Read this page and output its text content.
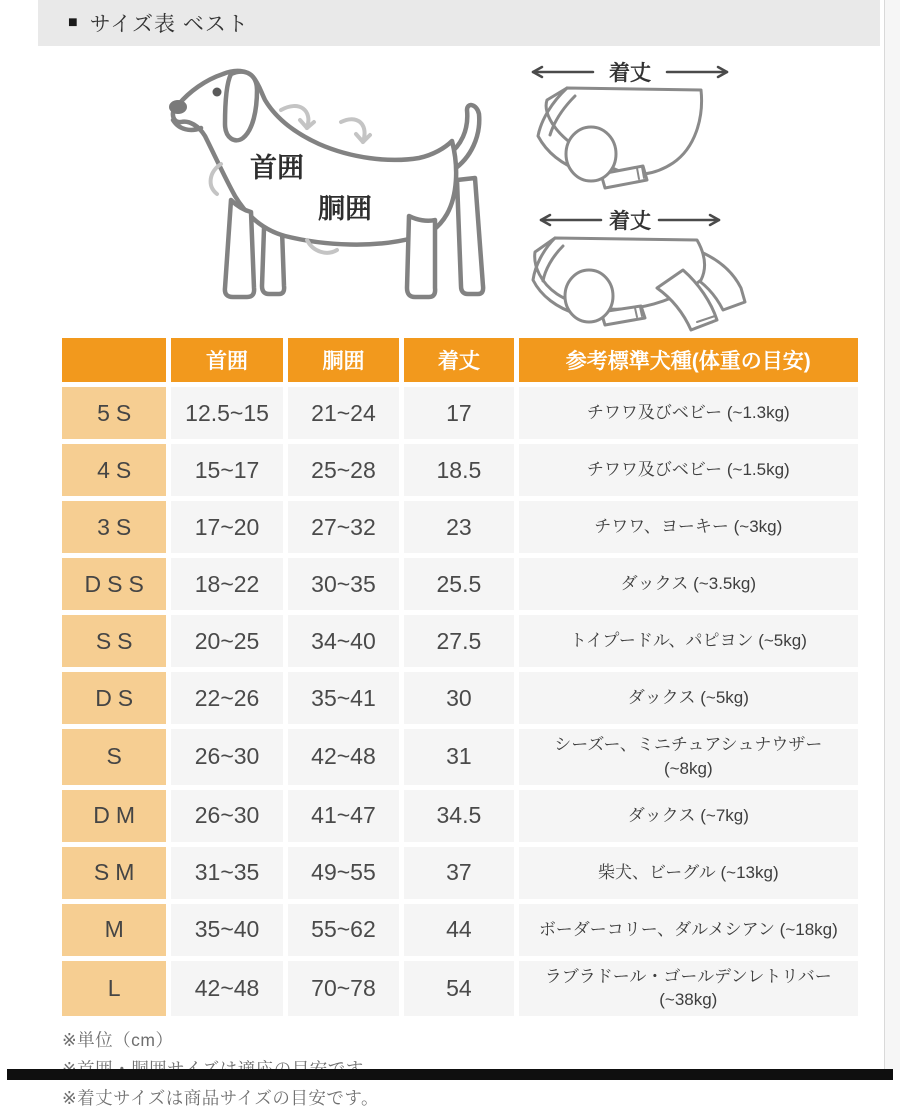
■ サイズ表 ベスト
首囲
胴囲
着丈
着丈
	首囲	胴囲	着丈	参考標準犬種(体重の目安)
5S	12.5~15	21~24	17	チワワ及びベビー (~1.3kg)
4S	15~17	25~28	18.5	チワワ及びベビー (~1.5kg)
3S	17~20	27~32	23	チワワ、ヨーキー (~3kg)
DSS	18~22	30~35	25.5	ダックス (~3.5kg)
SS	20~25	34~40	27.5	トイプードル、パピヨン (~5kg)
DS	22~26	35~41	30	ダックス (~5kg)
S	26~30	42~48	31	シーズー、ミニチュアシュナウザー (~8kg)
DM	26~30	41~47	34.5	ダックス (~7kg)
SM	31~35	49~55	37	柴犬、ビーグル (~13kg)
M	35~40	55~62	44	ボーダーコリー、ダルメシアン (~18kg)
L	42~48	70~78	54	ラブラドール・ゴールデンレトリバー (~38kg)

※単位（cm）

※着丈サイズは商品サイズの目安です。
